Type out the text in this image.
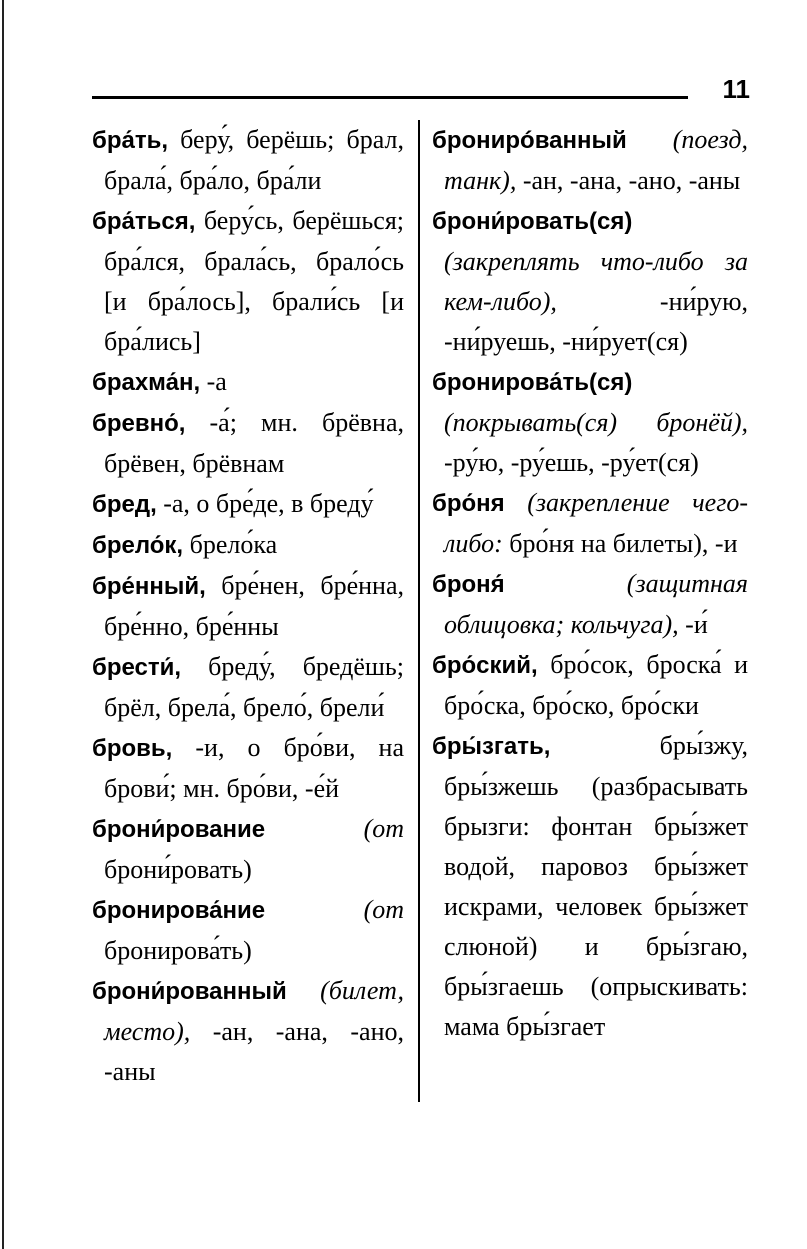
11
бра́ть, беру́, берёшь; брал, брала́, бра́ло, бра́ли
бра́ться, беру́сь, берёшься; бра́лся, брала́сь, брало́сь [и бра́лось], брали́сь [и бра́лись]
брахма́н, -а
бревно́, -а́; мн. брёвна, брёвен, брёвнам
бред, -а, о бре́де, в бреду́
брело́к, брело́ка
бре́нный, бре́нен, бре́нна, бре́нно, бре́нны
брести́, бреду́, бредёшь; брёл, брела́, брело́, брели́
бровь, -и, о бро́ви, на брови́; мн. бро́ви, -е́й
брони́рование (от брони́ровать)
бронирова́ние (от бронирова́ть)
брони́рованный (билет, место), -ан, -ана, -ано, -аны
бронирóванный (поезд, танк), -ан, -ана, -ано, -аны
брони́ровать(ся) (закреплять что-либо за кем-либо), -ни́рую, -ни́руешь, -ни́рует(ся)
бронирова́ть(ся) (покрывать(ся) бронёй), -ру́ю, -ру́ешь, -ру́ет(ся)
бро́ня (закрепление чего-либо: бро́ня на билеты), -и
броня́ (защитная облицовка; кольчуга), -и́
бро́ский, бро́сок, броска́ и бро́ска, бро́ско, бро́ски
бры́згать, бры́зжу, бры́зжешь (разбрасывать брызги: фонтан бры́зжет водой, паровоз бры́зжет искрами, человек бры́зжет слюной) и бры́згаю, бры́згаешь (опрыскивать: мама бры́згает
